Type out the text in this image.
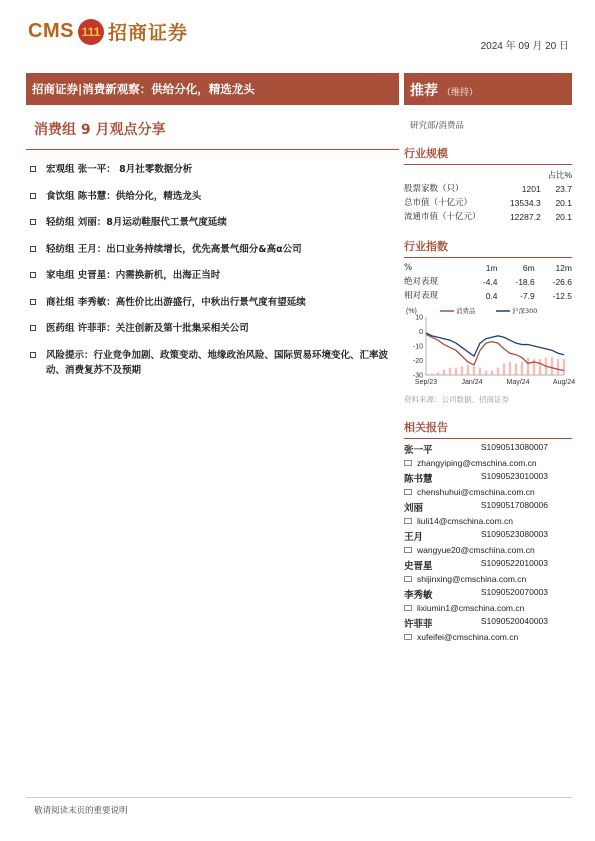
CMS 111 招商证券
2024 年 09 月 20 日
招商证券|消费新观察：供给分化，精选龙头
消费组 9 月观点分享
宏观组 张一平： 8月社零数据分析
食饮组 陈书慧：供给分化，精选龙头
轻纺组 刘丽：8月运动鞋服代工景气度延续
轻纺组 王月：出口业务持续增长，优先高景气细分&高α公司
家电组 史晋星：内需换新机，出海正当时
商社组 李秀敏：高性价比出游盛行，中秋出行景气度有望延续
医药组 许菲菲：关注创新及第十批集采相关公司
风险提示：行业竞争加剧、政策变动、地缘政治风险、国际贸易环境变化、汇率波动、消费复苏不及预期
推荐 （维持）
研究部/消费品
行业规模
		占比%
股票家数（只）	1201	23.7
总市值（十亿元）	13534.3	20.1
流通市值（十亿元）	12287.2	20.1
行业指数
%	1m	6m	12m
绝对表现	-4.4	-18.6	-26.6
相对表现	0.4	-7.9	-12.5
(%)
10
0
-10
-20
-30
消费品	沪深300
Sep/23	Jan/24	May/24	Aug/24
资料来源：公司数据、招商证券
相关报告
张一平	S1090513080007
zhangyiping@cmschina.com.cn
陈书慧	S1090523010003
chenshuhui@cmschina.com.cn
刘丽	S1090517080006
liuli14@cmschina.com.cn
王月	S1090523080003
wangyue20@cmschina.com.cn
史晋星	S1090522010003
shijinxing@cmschina.com.cn
李秀敏	S1090520070003
lixiumin1@cmschina.com.cn
许菲菲	S1090520040003
xufeifei@cmschina.com.cn
敬请阅读末页的重要说明
